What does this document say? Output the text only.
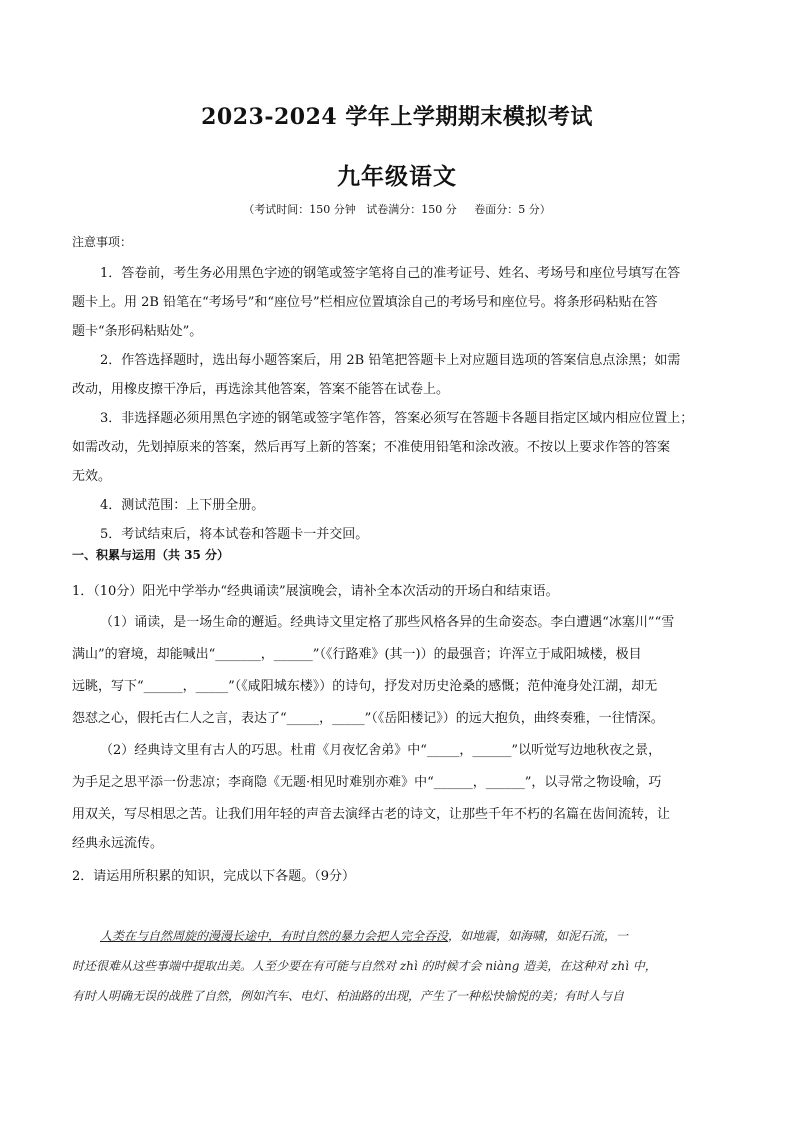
2023-2024 学年上学期期末模拟考试
九年级语文
（考试时间：150 分钟   试卷满分：150 分     卷面分：5 分）
注意事项：
1．答卷前，考生务必用黑色字迹的钢笔或签字笔将自己的准考证号、姓名、考场号和座位号填写在答
题卡上。用 2B 铅笔在“考场号”和“座位号”栏相应位置填涂自己的考场号和座位号。将条形码粘贴在答
题卡“条形码粘贴处”。
2．作答选择题时，选出每小题答案后，用 2B 铅笔把答题卡上对应题目选项的答案信息点涂黑；如需
改动，用橡皮擦干净后，再选涂其他答案，答案不能答在试卷上。
3．非选择题必须用黑色字迹的钢笔或签字笔作答，答案必须写在答题卡各题目指定区域内相应位置上；
如需改动，先划掉原来的答案，然后再写上新的答案；不准使用铅笔和涂改液。不按以上要求作答的答案
无效。
4．测试范围：上下册全册。
5．考试结束后，将本试卷和答题卡一并交回。
一、积累与运用（共 35 分）
1．（10分）阳光中学举办“经典诵读”展演晚会，请补全本次活动的开场白和结束语。
（1）诵读，是一场生命的邂逅。经典诗文里定格了那些风格各异的生命姿态。李白遭遇“冰塞川”“雪
满山”的窘境，却能喊出“_______，______”（《行路难》(其一)）的最强音；许浑立于咸阳城楼，极目
远眺，写下“______，_____”（《咸阳城东楼》）的诗句，抒发对历史沧桑的感慨；范仲淹身处江湖，却无
怨怼之心，假托古仁人之言，表达了“_____，_____”（《岳阳楼记》）的远大抱负，曲终奏雅，一往情深。
（2）经典诗文里有古人的巧思。杜甫《月夜忆舍弟》中“_____，______”以听觉写边地秋夜之景，
为手足之思平添一份悲凉；李商隐《无题·相见时难别亦难》中“______，______”，以寻常之物设喻，巧
用双关，写尽相思之苦。让我们用年轻的声音去演绎古老的诗文，让那些千年不朽的名篇在齿间流转，让
经典永远流传。
2．请运用所积累的知识，完成以下各题。（9分）
人类在与自然周旋的漫漫长途中，有时自然的暴力会把人完全吞没，如地震，如海啸，如泥石流，一
时还很难从这些事端中提取出美。人至少要在有可能与自然对 zhì 的时候才会 niàng 造美，在这种对 zhì 中，
有时人明确无误的战胜了自然，例如汽车、电灯、柏油路的出现，产生了一种松快愉悦的美；有时人与自
